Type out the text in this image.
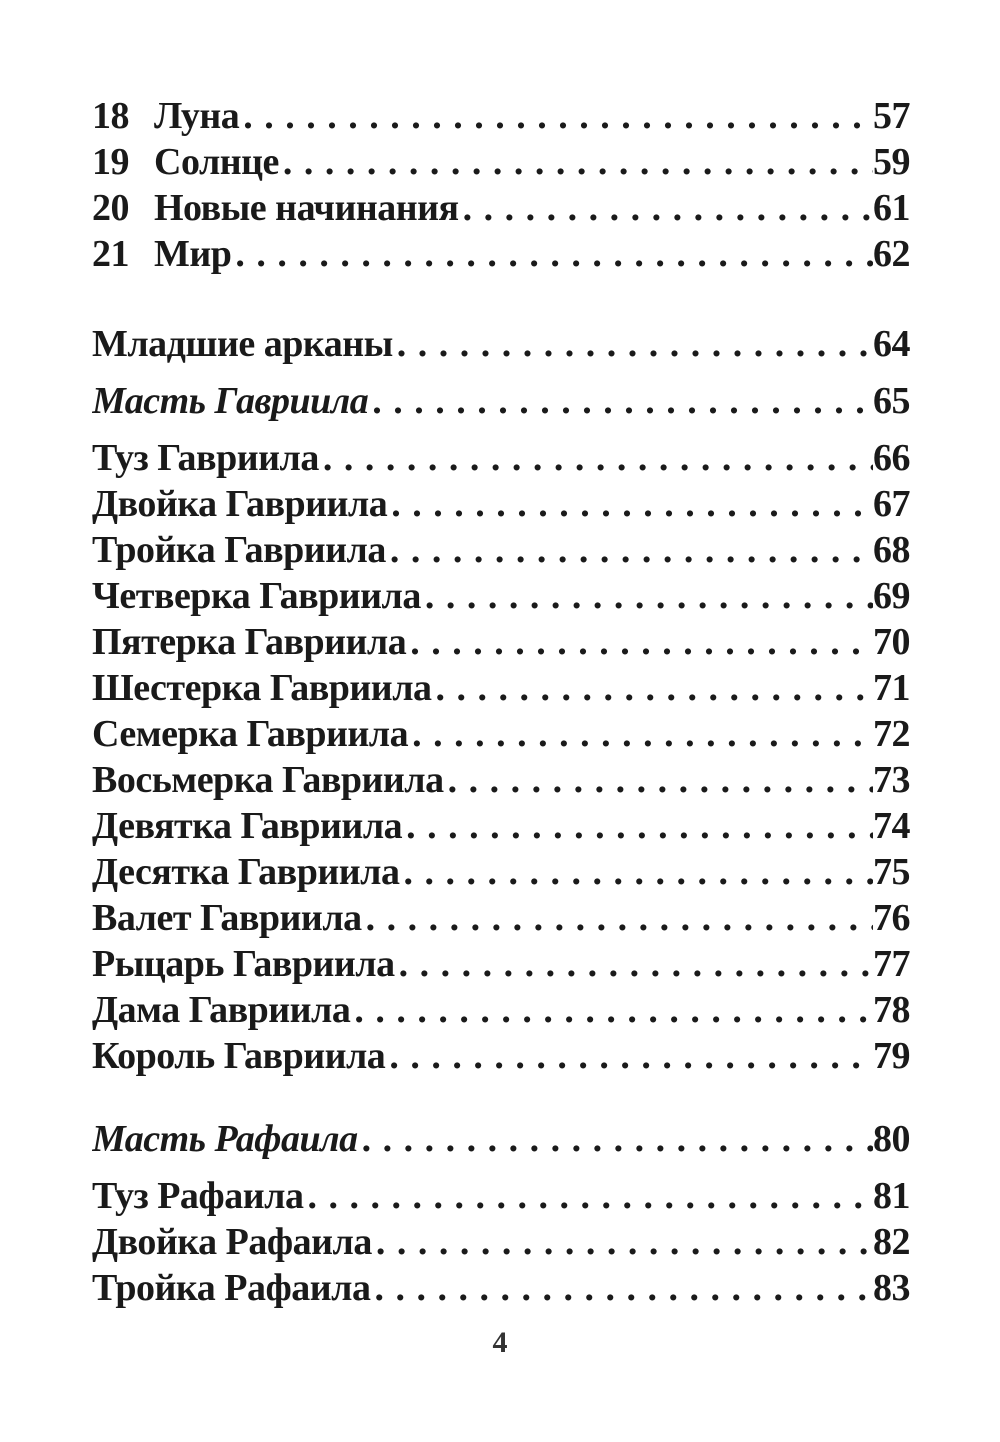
18 Луна . . .	57
19 Солнце . . .	59
20 Новые начинания . . .	61
21 Мир . . .	62
Младшие арканы . . .	64
Масть Гавриила . . .	65
Туз Гавриила . . .	66
Двойка Гавриила . . .	67
Тройка Гавриила . . .	68
Четверка Гавриила . . .	69
Пятерка Гавриила . . .	70
Шестерка Гавриила . . .	71
Семерка Гавриила . . .	72
Восьмерка Гавриила . . .	73
Девятка Гавриила . . .	74
Десятка Гавриила . . .	75
Валет Гавриила . . .	76
Рыцарь Гавриила . . .	77
Дама Гавриила . . .	78
Король Гавриила . . .	79
Масть Рафаила . . .	80
Туз Рафаила . . .	81
Двойка Рафаила . . .	82
Тройка Рафаила . . .	83
4
